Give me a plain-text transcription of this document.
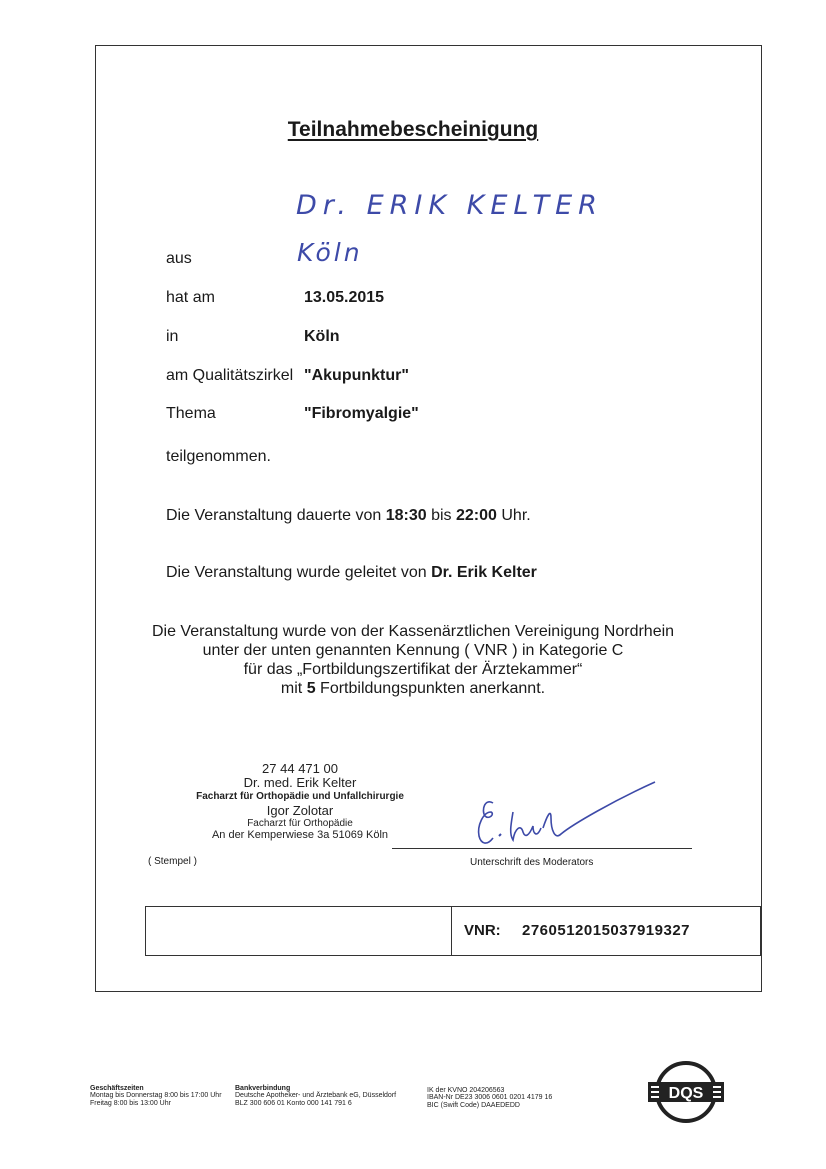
Teilnahmebescheinigung
Dr. ERIK KELTER
aus	Köln
hat am	13.05.2015
in	Köln
am Qualitätszirkel "Akupunktur"
Thema	"Fibromyalgie"
teilgenommen.
Die Veranstaltung dauerte von 18:30 bis 22:00 Uhr.
Die Veranstaltung wurde geleitet von Dr. Erik Kelter
Die Veranstaltung wurde von der Kassenärztlichen Vereinigung Nordrhein
unter der unten genannten Kennung ( VNR ) in Kategorie C
für das „Fortbildungszertifikat der Ärztekammer“
mit 5 Fortbildungspunkten anerkannt.
27 44 471 00
Dr. med. Erik Kelter
Facharzt für Orthopädie und Unfallchirurgie
Igor Zolotar
Facharzt für Orthopädie
An der Kemperwiese 3a 51069 Köln
( Stempel )	Unterschrift des Moderators
VNR: 2760512015037919327
Geschäftszeiten
Montag bis Donnerstag 8:00 bis 17:00 Uhr
Freitag 8:00 bis 13:00 Uhr
Bankverbindung
Deutsche Apotheker- und Ärztebank eG, Düsseldorf
BLZ 300 606 01 Konto 000 141 791 6
IK der KVNO 204206563
IBAN-Nr DE23 3006 0601 0201 4179 16
BIC (Swift Code) DAAEDEDD
DQS
